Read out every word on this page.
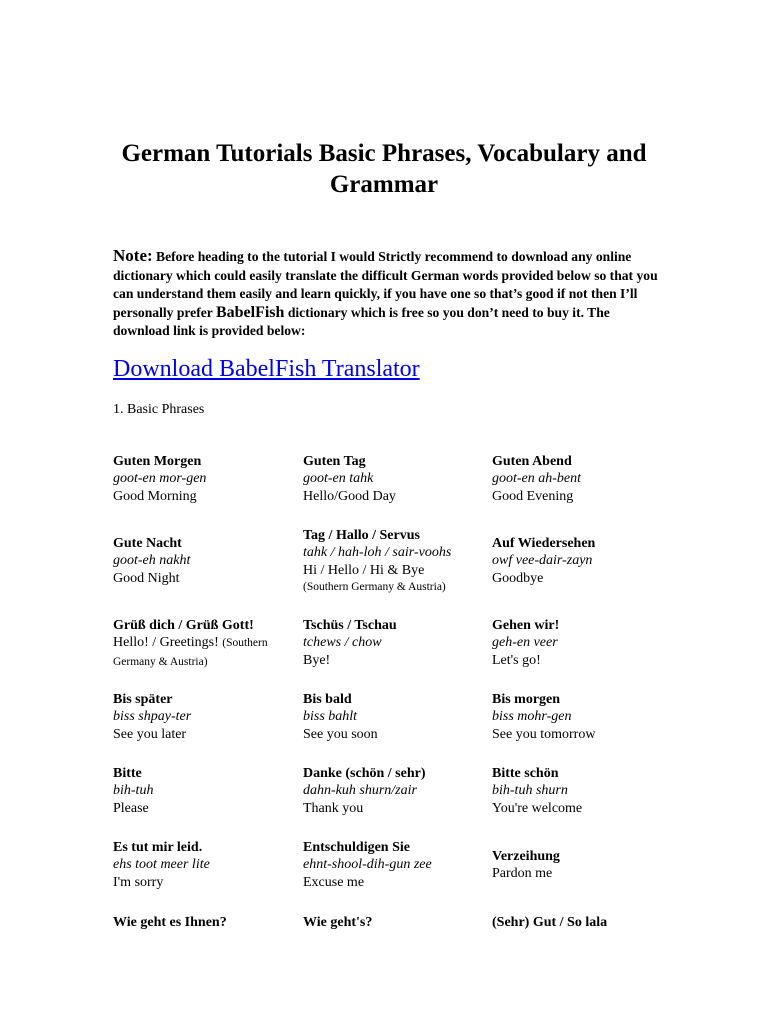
German Tutorials Basic Phrases, Vocabulary and Grammar

Note: Before heading to the tutorial I would Strictly recommend to download any online dictionary which could easily translate the difficult German words provided below so that you can understand them easily and learn quickly, if you have one so that’s good if not then I’ll personally prefer BabelFish dictionary which is free so you don’t need to buy it. The download link is provided below:

Download BabelFish Translator

1. Basic Phrases

Guten Morgen
goot-en mor-gen
Good Morning
Guten Tag
goot-en tahk
Hello/Good Day
Guten Abend
goot-en ah-bent
Good Evening
Gute Nacht
goot-eh nakht
Good Night
Tag / Hallo / Servus
tahk / hah-loh / sair-voohs
Hi / Hello / Hi & Bye
(Southern Germany & Austria)
Auf Wiedersehen
owf vee-dair-zayn
Goodbye
Grüß dich / Grüß Gott!
Hello! / Greetings! (Southern Germany & Austria)
Tschüs / Tschau
tchews / chow
Bye!
Gehen wir!
geh-en veer
Let's go!
Bis später
biss shpay-ter
See you later
Bis bald
biss bahlt
See you soon
Bis morgen
biss mohr-gen
See you tomorrow
Bitte
bih-tuh
Please
Danke (schön / sehr)
dahn-kuh shurn/zair
Thank you
Bitte schön
bih-tuh shurn
You're welcome
Es tut mir leid.
ehs toot meer lite
I'm sorry
Entschuldigen Sie
ehnt-shool-dih-gun zee
Excuse me
Verzeihung
Pardon me
Wie geht es Ihnen?	Wie geht's?	(Sehr) Gut / So lala
